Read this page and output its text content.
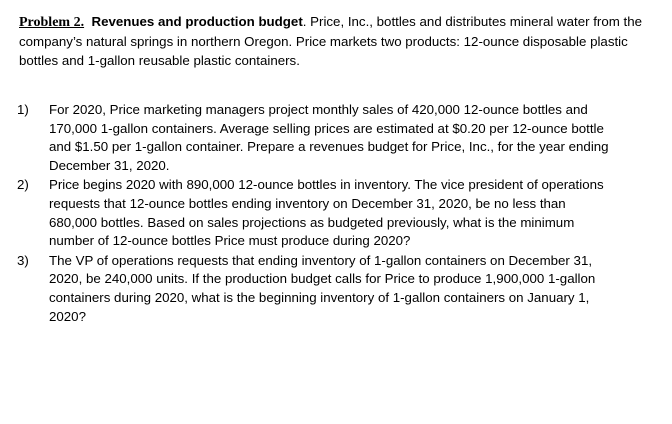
Problem 2. Revenues and production budget. Price, Inc., bottles and distributes mineral water from the company’s natural springs in northern Oregon. Price markets two products: 12-ounce disposable plastic bottles and 1-gallon reusable plastic containers.

1) For 2020, Price marketing managers project monthly sales of 420,000 12-ounce bottles and 170,000 1-gallon containers. Average selling prices are estimated at $0.20 per 12-ounce bottle and $1.50 per 1-gallon container. Prepare a revenues budget for Price, Inc., for the year ending December 31, 2020.
2) Price begins 2020 with 890,000 12-ounce bottles in inventory. The vice president of operations requests that 12-ounce bottles ending inventory on December 31, 2020, be no less than 680,000 bottles. Based on sales projections as budgeted previously, what is the minimum number of 12-ounce bottles Price must produce during 2020?
3) The VP of operations requests that ending inventory of 1-gallon containers on December 31, 2020, be 240,000 units. If the production budget calls for Price to produce 1,900,000 1-gallon containers during 2020, what is the beginning inventory of 1-gallon containers on January 1, 2020?
